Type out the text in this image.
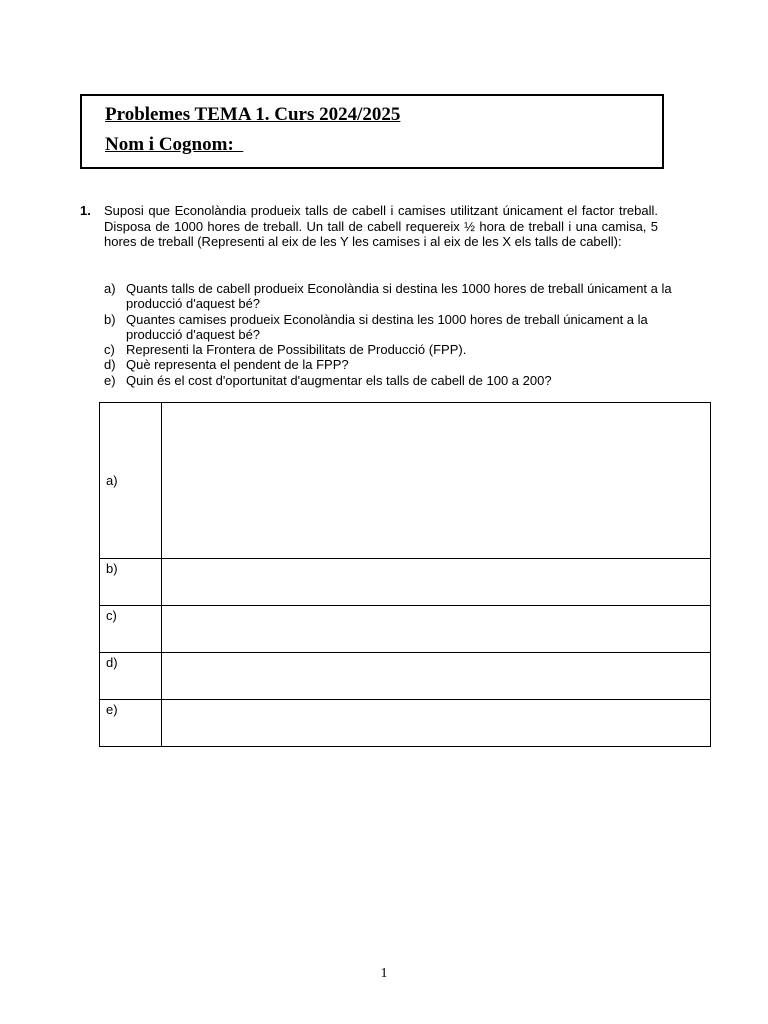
Problemes TEMA 1. Curs 2024/2025
Nom i Cognom:
1. Suposi que Econolàndia produeix talls de cabell i camises utilitzant únicament el factor treball. Disposa de 1000 hores de treball. Un tall de cabell requereix ½ hora de treball i una camisa, 5 hores de treball (Representi al eix de les Y les camises i al eix de les X els talls de cabell):

a) Quants talls de cabell produeix Econolàndia si destina les 1000 hores de treball únicament a la producció d'aquest bé?
b) Quantes camises produeix Econolàndia si destina les 1000 hores de treball únicament a la producció d'aquest bé?
c) Representi la Frontera de Possibilitats de Producció (FPP).
d) Què representa el pendent de la FPP?
e) Quin és el cost d'oportunitat d'augmentar els talls de cabell de 100 a 200?
a)	
b)	
c)	
d)	
e)	
1
